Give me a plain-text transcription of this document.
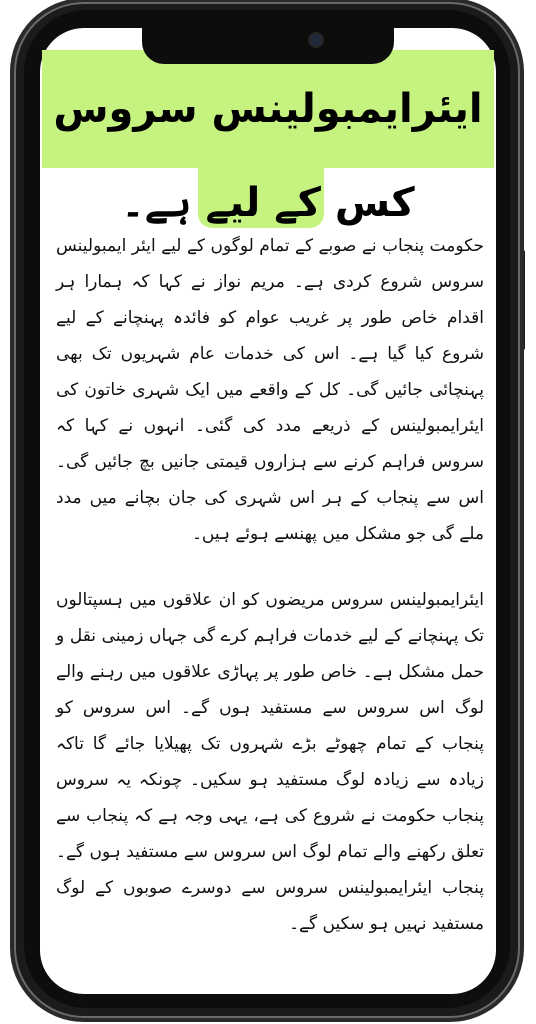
ایئرایمبولینس سروس کس کے لیے ہے۔

حکومت پنجاب نے صوبے کے تمام لوگوں کے لیے ایئر ایمبولینس سروس شروع کردی ہے۔ مریم نواز نے کہا کہ ہمارا ہر اقدام خاص طور پر غریب عوام کو فائدہ پہنچانے کے لیے شروع کیا گیا ہے۔ اس کی خدمات عام شہریوں تک بھی پہنچائی جائیں گی۔ کل کے واقعے میں ایک شہری خاتون کی ایئرایمبولینس کے ذریعے مدد کی گئی۔ انہوں نے کہا کہ سروس فراہم کرنے سے ہزاروں قیمتی جانیں بچ جائیں گی۔ اس سے پنجاب کے ہر اس شہری کی جان بچانے میں مدد ملے گی جو مشکل میں پھنسے ہوئے ہیں۔

ایئرایمبولینس سروس مریضوں کو ان علاقوں میں ہسپتالوں تک پہنچانے کے لیے خدمات فراہم کرے گی جہاں زمینی نقل و حمل مشکل ہے۔ خاص طور پر پہاڑی علاقوں میں رہنے والے لوگ اس سروس سے مستفید ہوں گے۔ اس سروس کو پنجاب کے تمام چھوٹے بڑے شہروں تک پھیلایا جائے گا تاکہ زیادہ سے زیادہ لوگ مستفید ہو سکیں۔ چونکہ یہ سروس پنجاب حکومت نے شروع کی ہے، یہی وجہ ہے کہ پنجاب سے تعلق رکھنے والے تمام لوگ اس سروس سے مستفید ہوں گے۔ پنجاب ایئرایمبولینس سروس سے دوسرے صوبوں کے لوگ مستفید نہیں ہو سکیں گے۔
